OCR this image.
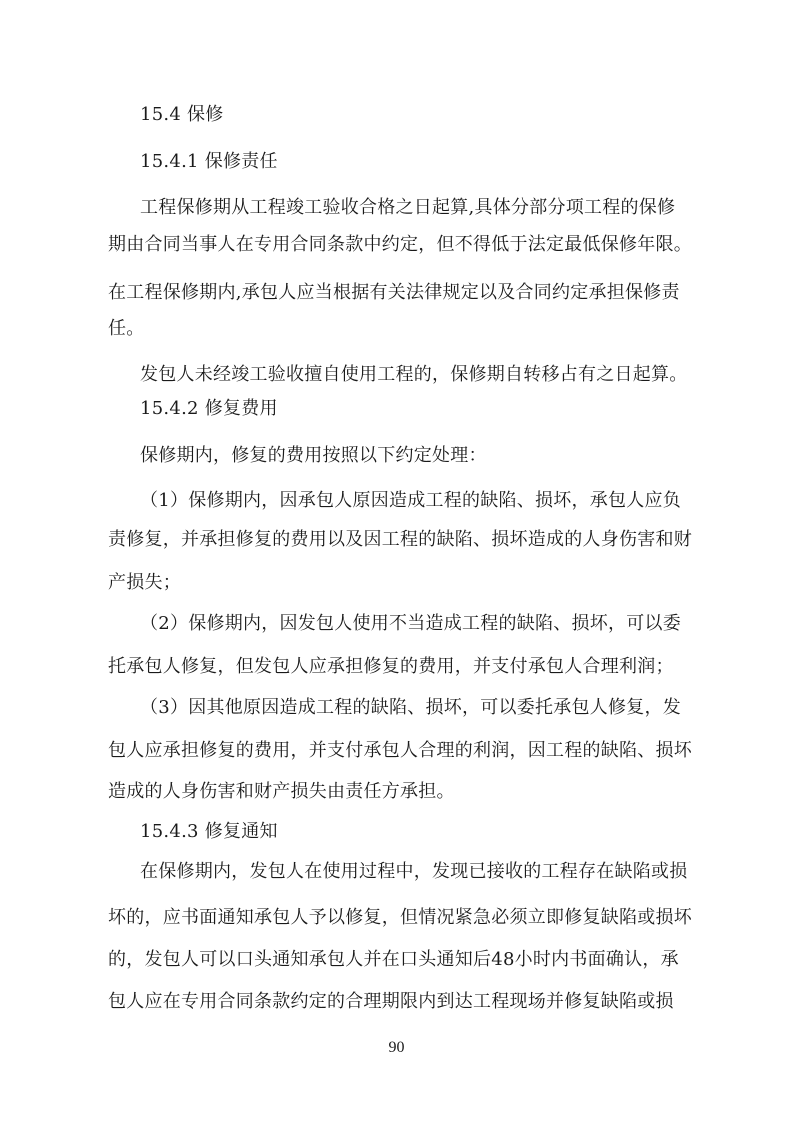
15.4 保修
15.4.1 保修责任
工程保修期从工程竣工验收合格之日起算,具体分部分项工程的保修
期由合同当事人在专用合同条款中约定，但不得低于法定最低保修年限。
在工程保修期内,承包人应当根据有关法律规定以及合同约定承担保修责
任。
发包人未经竣工验收擅自使用工程的，保修期自转移占有之日起算。
15.4.2 修复费用
保修期内，修复的费用按照以下约定处理：
（1）保修期内，因承包人原因造成工程的缺陷、损坏，承包人应负
责修复，并承担修复的费用以及因工程的缺陷、损坏造成的人身伤害和财
产损失；
（2）保修期内，因发包人使用不当造成工程的缺陷、损坏，可以委
托承包人修复，但发包人应承担修复的费用，并支付承包人合理利润；
（3）因其他原因造成工程的缺陷、损坏，可以委托承包人修复，发
包人应承担修复的费用，并支付承包人合理的利润，因工程的缺陷、损坏
造成的人身伤害和财产损失由责任方承担。
15.4.3 修复通知
在保修期内，发包人在使用过程中，发现已接收的工程存在缺陷或损
坏的，应书面通知承包人予以修复，但情况紧急必须立即修复缺陷或损坏
的，发包人可以口头通知承包人并在口头通知后48小时内书面确认，承
包人应在专用合同条款约定的合理期限内到达工程现场并修复缺陷或损
90
